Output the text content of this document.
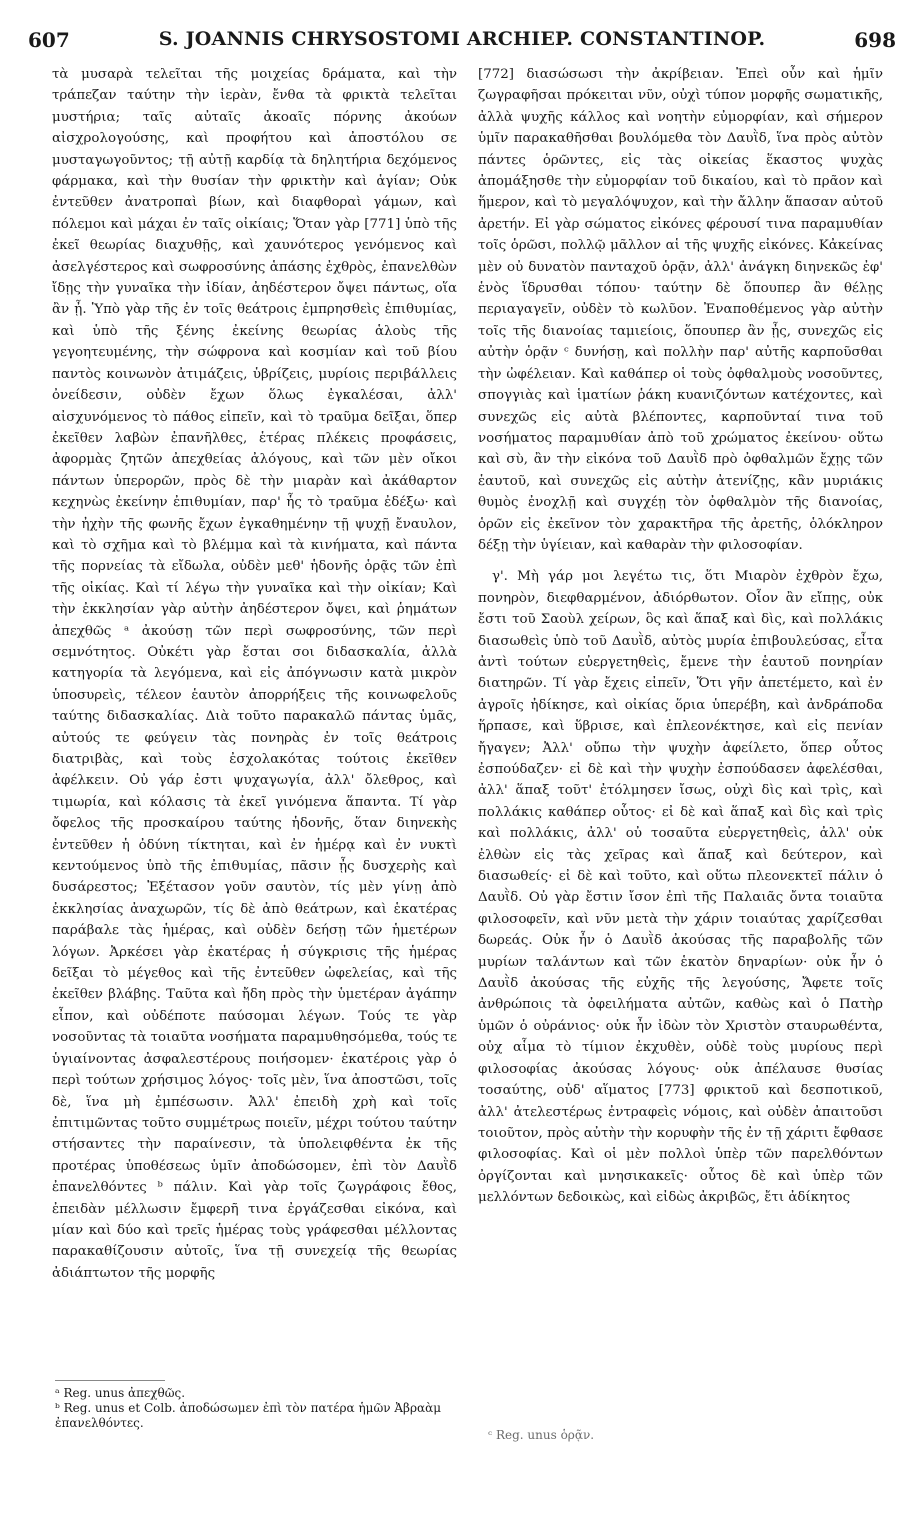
607	S. JOANNIS CHRYSOSTOMI ARCHIEP. CONSTANTINOP.	698

τὰ μυσαρὰ τελεῖται τῆς μοιχείας δράματα, καὶ τὴν τράπεζαν ταύτην τὴν ἱερὰν, ἔνθα τὰ φρικτὰ τελεῖται μυστήρια; ταῖς αὐταῖς ἀκοαῖς πόρνης ἀκούων αἰσχρολογούσης, καὶ προφήτου καὶ ἀποστόλου σε μυσταγωγοῦντος; τῇ αὐτῇ καρδίᾳ τὰ δηλητήρια δεχόμενος φάρμακα, καὶ τὴν θυσίαν τὴν φρικτὴν καὶ ἁγίαν; Οὐκ ἐντεῦθεν ἀνατροπαὶ βίων, καὶ διαφθοραὶ γάμων, καὶ πόλεμοι καὶ μάχαι ἐν ταῖς οἰκίαις; Ὅταν γὰρ [771] ὑπὸ τῆς ἐκεῖ θεωρίας διαχυθῇς, καὶ χαυνότερος γενόμενος καὶ ἀσελγέστερος καὶ σωφροσύνης ἁπάσης ἐχθρὸς, ἐπανελθὼν ἴδῃς τὴν γυναῖκα τὴν ἰδίαν, ἀηδέστερον ὄψει πάντως, οἵα ἂν ᾖ. Ὑπὸ γὰρ τῆς ἐν τοῖς θεάτροις ἐμπρησθεὶς ἐπιθυμίας, καὶ ὑπὸ τῆς ξένης ἐκείνης θεωρίας ἁλοὺς τῆς γεγοητευμένης, τὴν σώφρονα καὶ κοσμίαν καὶ τοῦ βίου παντὸς κοινωνὸν ἀτιμάζεις, ὑβρίζεις, μυρίοις περιβάλλεις ὀνείδεσιν, οὐδὲν ἔχων ὅλως ἐγκαλέσαι, ἀλλ' αἰσχυνόμενος τὸ πάθος εἰπεῖν, καὶ τὸ τραῦμα δεῖξαι, ὅπερ ἐκεῖθεν λαβὼν ἐπανῆλθες, ἑτέρας πλέκεις προφάσεις, ἀφορμὰς ζητῶν ἀπεχθείας ἀλόγους, καὶ τῶν μὲν οἴκοι πάντων ὑπερορῶν, πρὸς δὲ τὴν μιαρὰν καὶ ἀκάθαρτον κεχηνὼς ἐκείνην ἐπιθυμίαν, παρ' ἧς τὸ τραῦμα ἐδέξω· καὶ τὴν ἠχὴν τῆς φωνῆς ἔχων ἐγκαθημένην τῇ ψυχῇ ἔναυλον, καὶ τὸ σχῆμα καὶ τὸ βλέμμα καὶ τὰ κινήματα, καὶ πάντα τῆς πορνείας τὰ εἴδωλα, οὐδὲν μεθ' ἡδονῆς ὁρᾷς τῶν ἐπὶ τῆς οἰκίας. Καὶ τί λέγω τὴν γυναῖκα καὶ τὴν οἰκίαν; Καὶ τὴν ἐκκλησίαν γὰρ αὐτὴν ἀηδέστερον ὄψει, καὶ ῥημάτων ἀπεχθῶς ᵃ ἀκούσῃ τῶν περὶ σωφροσύνης, τῶν περὶ σεμνότητος. Οὐκέτι γὰρ ἔσται σοι διδασκαλία, ἀλλὰ κατηγορία τὰ λεγόμενα, καὶ εἰς ἀπόγνωσιν κατὰ μικρὸν ὑποσυρεὶς, τέλεον ἑαυτὸν ἀπορρήξεις τῆς κοινωφελοῦς ταύτης διδασκαλίας. Διὰ τοῦτο παρακαλῶ πάντας ὑμᾶς, αὐτούς τε φεύγειν τὰς πονηρὰς ἐν τοῖς θεάτροις διατριβὰς, καὶ τοὺς ἐσχολακότας τούτοις ἐκεῖθεν ἀφέλκειν. Οὐ γάρ ἐστι ψυχαγωγία, ἀλλ' ὄλεθρος, καὶ τιμωρία, καὶ κόλασις τὰ ἐκεῖ γινόμενα ἅπαντα. Τί γὰρ ὄφελος τῆς προσκαίρου ταύτης ἡδονῆς, ὅταν διηνεκὴς ἐντεῦθεν ἡ ὀδύνη τίκτηται, καὶ ἐν ἡμέρᾳ καὶ ἐν νυκτὶ κεντούμενος ὑπὸ τῆς ἐπιθυμίας, πᾶσιν ᾖς δυσχερὴς καὶ δυσάρεστος; Ἐξέτασον γοῦν σαυτὸν, τίς μὲν γίνῃ ἀπὸ ἐκκλησίας ἀναχωρῶν, τίς δὲ ἀπὸ θεάτρων, καὶ ἑκατέρας παράβαλε τὰς ἡμέρας, καὶ οὐδὲν δεήσῃ τῶν ἡμετέρων λόγων. Ἀρκέσει γὰρ ἑκατέρας ἡ σύγκρισις τῆς ἡμέρας δεῖξαι τὸ μέγεθος καὶ τῆς ἐντεῦθεν ὠφελείας, καὶ τῆς ἐκεῖθεν βλάβης. Ταῦτα καὶ ἤδη πρὸς τὴν ὑμετέραν ἀγάπην εἶπον, καὶ οὐδέποτε παύσομαι λέγων. Τούς τε γὰρ νοσοῦντας τὰ τοιαῦτα νοσήματα παραμυθησόμεθα, τούς τε ὑγιαίνοντας ἀσφαλεστέρους ποιήσομεν· ἑκατέροις γὰρ ὁ περὶ τούτων χρήσιμος λόγος· τοῖς μὲν, ἵνα ἀποστῶσι, τοῖς δὲ, ἵνα μὴ ἐμπέσωσιν. Ἀλλ' ἐπειδὴ χρὴ καὶ τοῖς ἐπιτιμῶντας τοῦτο συμμέτρως ποιεῖν, μέχρι τούτου ταύτην στήσαντες τὴν παραίνεσιν, τὰ ὑπολειφθέντα ἐκ τῆς προτέρας ὑποθέσεως ὑμῖν ἀποδώσομεν, ἐπὶ τὸν Δαυῒδ ἐπανελθόντες ᵇ πάλιν. Καὶ γὰρ τοῖς ζωγράφοις ἔθος, ἐπειδὰν μέλλωσιν ἔμφερῆ τινα ἐργάζεσθαι εἰκόνα, καὶ μίαν καὶ δύο καὶ τρεῖς ἡμέρας τοὺς γράφεσθαι μέλλοντας παρακαθίζουσιν αὐτοῖς, ἵνα τῇ συνεχείᾳ τῆς θεωρίας ἀδιάπτωτον τῆς μορφῆς

[772] διασώσωσι τὴν ἀκρίβειαν. Ἐπεὶ οὖν καὶ ἡμῖν ζωγραφῆσαι πρόκειται νῦν, οὐχὶ τύπον μορφῆς σωματικῆς, ἀλλὰ ψυχῆς κάλλος καὶ νοητὴν εὐμορφίαν, καὶ σήμερον ὑμῖν παρακαθῆσθαι βουλόμεθα τὸν Δαυῒδ, ἵνα πρὸς αὐτὸν πάντες ὁρῶντες, εἰς τὰς οἰκείας ἕκαστος ψυχὰς ἀπομάξησθε τὴν εὐμορφίαν τοῦ δικαίου, καὶ τὸ πρᾶον καὶ ἥμερον, καὶ τὸ μεγαλόψυχον, καὶ τὴν ἄλλην ἅπασαν αὐτοῦ ἀρετήν. Εἰ γὰρ σώματος εἰκόνες φέρουσί τινα παραμυθίαν τοῖς ὁρῶσι, πολλῷ μᾶλλον αἱ τῆς ψυχῆς εἰκόνες. Κἀκείνας μὲν οὐ δυνατὸν πανταχοῦ ὁρᾷν, ἀλλ' ἀνάγκη διηνεκῶς ἐφ' ἑνὸς ἵδρυσθαι τόπου· ταύτην δὲ ὅπουπερ ἂν θέλῃς περιαγαγεῖν, οὐδὲν τὸ κωλῦον. Ἐναποθέμενος γὰρ αὐτὴν τοῖς τῆς διανοίας ταμιείοις, ὅπουπερ ἂν ᾖς, συνεχῶς εἰς αὐτὴν ὁρᾷν ᶜ δυνήσῃ, καὶ πολλὴν παρ' αὐτῆς καρποῦσθαι τὴν ὠφέλειαν. Καὶ καθάπερ οἱ τοὺς ὀφθαλμοὺς νοσοῦντες, σπογγιὰς καὶ ἱματίων ῥάκη κυανιζόντων κατέχοντες, καὶ συνεχῶς εἰς αὐτὰ βλέποντες, καρποῦνταί τινα τοῦ νοσήματος παραμυθίαν ἀπὸ τοῦ χρώματος ἐκείνου· οὕτω καὶ σὺ, ἂν τὴν εἰκόνα τοῦ Δαυῒδ πρὸ ὀφθαλμῶν ἔχῃς τῶν ἑαυτοῦ, καὶ συνεχῶς εἰς αὐτὴν ἀτενίζῃς, κἂν μυριάκις θυμὸς ἐνοχλῇ καὶ συγχέῃ τὸν ὀφθαλμὸν τῆς διανοίας, ὁρῶν εἰς ἐκεῖνον τὸν χαρακτῆρα τῆς ἀρετῆς, ὁλόκληρον δέξῃ τὴν ὑγίειαν, καὶ καθαρὰν τὴν φιλοσοφίαν.

γ'. Μὴ γάρ μοι λεγέτω τις, ὅτι Μιαρὸν ἐχθρὸν ἔχω, πονηρὸν, διεφθαρμένον, ἀδιόρθωτον. Οἷον ἂν εἴπῃς, οὐκ ἔστι τοῦ Σαοὺλ χείρων, ὃς καὶ ἅπαξ καὶ δὶς, καὶ πολλάκις διασωθεὶς ὑπὸ τοῦ Δαυῒδ, αὐτὸς μυρία ἐπιβουλεύσας, εἶτα ἀντὶ τούτων εὐεργετηθεὶς, ἔμενε τὴν ἑαυτοῦ πονηρίαν διατηρῶν. Τί γὰρ ἔχεις εἰπεῖν, Ὅτι γῆν ἀπετέμετο, καὶ ἐν ἀγροῖς ἠδίκησε, καὶ οἰκίας ὅρια ὑπερέβη, καὶ ἀνδράποδα ἥρπασε, καὶ ὕβρισε, καὶ ἐπλεονέκτησε, καὶ εἰς πενίαν ἤγαγεν; Ἀλλ' οὔπω τὴν ψυχὴν ἀφείλετο, ὅπερ οὗτος ἐσπούδαζεν· εἰ δὲ καὶ τὴν ψυχὴν ἐσπούδασεν ἀφελέσθαι, ἀλλ' ἅπαξ τοῦτ' ἐτόλμησεν ἴσως, οὐχὶ δὶς καὶ τρὶς, καὶ πολλάκις καθάπερ οὗτος· εἰ δὲ καὶ ἅπαξ καὶ δὶς καὶ τρὶς καὶ πολλάκις, ἀλλ' οὐ τοσαῦτα εὐεργετηθεὶς, ἀλλ' οὐκ ἐλθὼν εἰς τὰς χεῖρας καὶ ἅπαξ καὶ δεύτερον, καὶ διασωθείς· εἰ δὲ καὶ τοῦτο, καὶ οὕτω πλεονεκτεῖ πάλιν ὁ Δαυῒδ. Οὐ γὰρ ἔστιν ἴσον ἐπὶ τῆς Παλαιᾶς ὄντα τοιαῦτα φιλοσοφεῖν, καὶ νῦν μετὰ τὴν χάριν τοιαύτας χαρίζεσθαι δωρεάς. Οὐκ ἦν ὁ Δαυῒδ ἀκούσας τῆς παραβολῆς τῶν μυρίων ταλάντων καὶ τῶν ἑκατὸν δηναρίων· οὐκ ἦν ὁ Δαυῒδ ἀκούσας τῆς εὐχῆς τῆς λεγούσης, Ἄφετε τοῖς ἀνθρώποις τὰ ὀφειλήματα αὐτῶν, καθὼς καὶ ὁ Πατὴρ ὑμῶν ὁ οὐράνιος· οὐκ ἦν ἰδὼν τὸν Χριστὸν σταυρωθέντα, οὐχ αἷμα τὸ τίμιον ἐκχυθὲν, οὐδὲ τοὺς μυρίους περὶ φιλοσοφίας ἀκούσας λόγους· οὐκ ἀπέλαυσε θυσίας τοσαύτης, οὐδ' αἵματος [773] φρικτοῦ καὶ δεσποτικοῦ, ἀλλ' ἀτελεστέρως ἐντραφεὶς νόμοις, καὶ οὐδὲν ἀπαιτοῦσι τοιοῦτον, πρὸς αὐτὴν τὴν κορυφὴν τῆς ἐν τῇ χάριτι ἔφθασε φιλοσοφίας. Καὶ οἱ μὲν πολλοὶ ὑπὲρ τῶν παρελθόντων ὀργίζονται καὶ μνησικακεῖς· οὗτος δὲ καὶ ὑπὲρ τῶν μελλόντων δεδοικὼς, καὶ εἰδὼς ἀκριβῶς, ἔτι ἀδίκητος

ᵃ Reg. unus ἀπεχθῶς.
ᵇ Reg. unus et Colb. ἀποδώσωμεν ἐπὶ τὸν πατέρα ἡμῶν Ἀβραὰμ ἐπανελθόντες.
ᶜ Reg. unus ὁρᾷν.
